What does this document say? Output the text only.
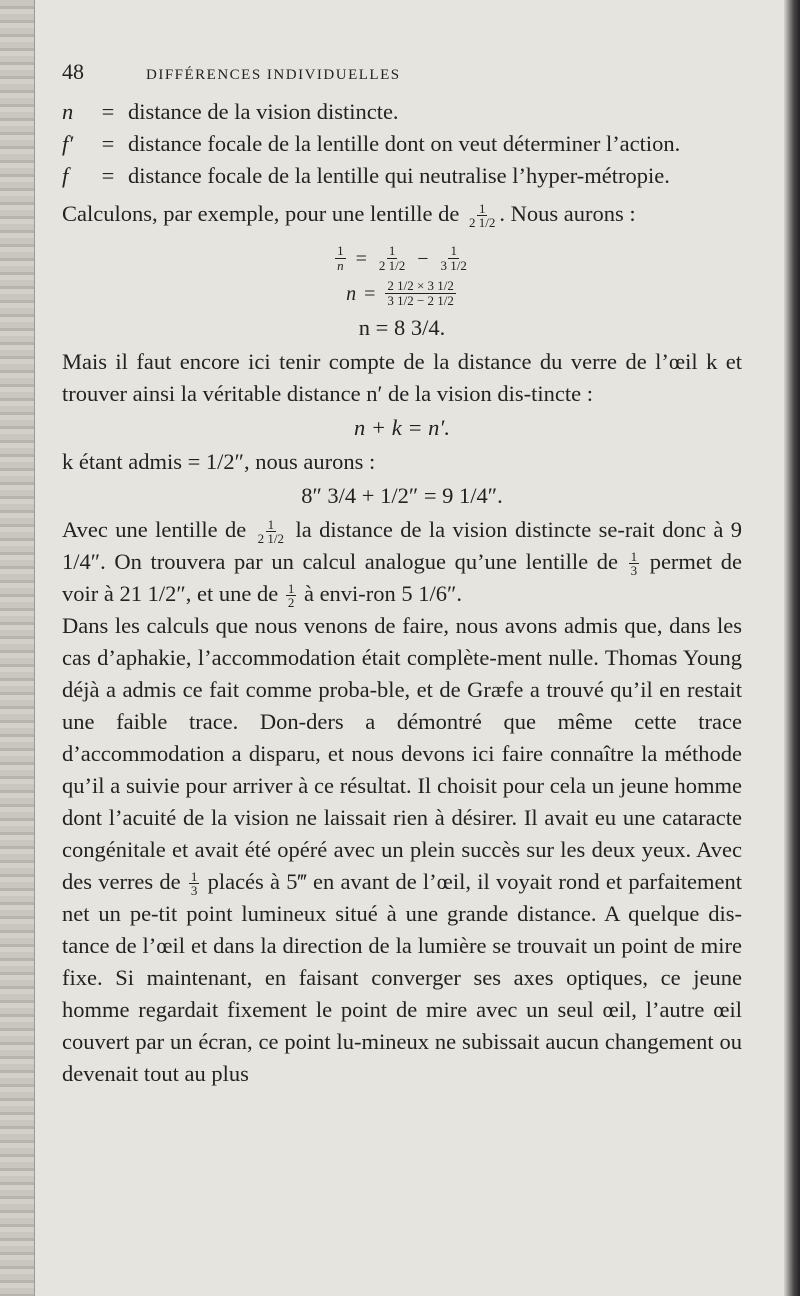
48	DIFFÉRENCES INDIVIDUELLES
n	= distance de la vision distincte.
f′	= distance focale de la lentille dont on veut déterminer l’action.
f	= distance focale de la lentille qui neutralise l’hyper-métropie.

Calculons, par exemple, pour une lentille de $\frac{1}{2 1/2}$ . Nous aurons :

$\frac{1}{n} = \frac{1}{2 1/2} - \frac{1}{3 1/2}$
$n = \frac{2 1/2 \times 3 1/2}{3 1/2 - 2 1/2}$
n = 8 3/4.

Mais il faut encore ici tenir compte de la distance du verre de l’œil k et trouver ainsi la véritable distance n′ de la vision dis-tincte :

n + k = n′.

k étant admis = 1/2″, nous aurons :

8″ 3/4 + 1/2″ = 9 1/4″.

Avec une lentille de $\frac{1}{2 1/2}$ la distance de la vision distincte se-rait donc à 9 1/4″. On trouvera par un calcul analogue qu’une lentille de $\frac{1}{3}$ permet de voir à 21 1/2″, et une de $\frac{1}{2}$ à envi-ron 5 1/6″.

Dans les calculs que nous venons de faire, nous avons admis que, dans les cas d’aphakie, l’accommodation était complète-ment nulle. Thomas Young déjà a admis ce fait comme proba-ble, et de Græfe a trouvé qu’il en restait une faible trace. Don-ders a démontré que même cette trace d’accommodation a disparu, et nous devons ici faire connaître la méthode qu’il a suivie pour arriver à ce résultat. Il choisit pour cela un jeune homme dont l’acuité de la vision ne laissait rien à désirer. Il avait eu une cataracte congénitale et avait été opéré avec un plein succès sur les deux yeux. Avec des verres de $\frac{1}{3}$ placés à 5‴ en avant de l’œil, il voyait rond et parfaitement net un pe-tit point lumineux situé à une grande distance. A quelque dis-tance de l’œil et dans la direction de la lumière se trouvait un point de mire fixe. Si maintenant, en faisant converger ses axes optiques, ce jeune homme regardait fixement le point de mire avec un seul œil, l’autre œil couvert par un écran, ce point lu-mineux ne subissait aucun changement ou devenait tout au plus
